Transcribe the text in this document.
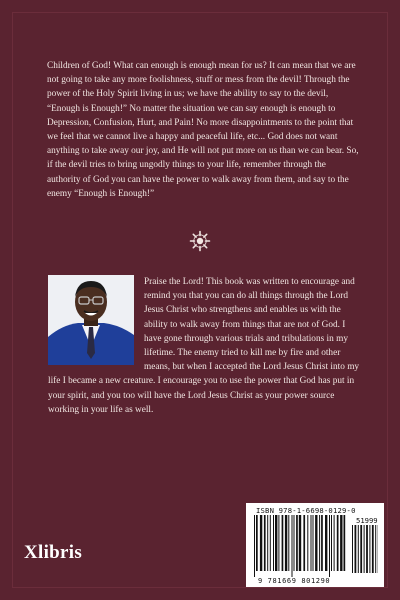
Children of God! What can enough is enough mean for us? It can mean that we are not going to take any more foolishness, stuff or mess from the devil! Through the power of the Holy Spirit living in us; we have the ability to say to the devil, “Enough is Enough!” No matter the situation we can say enough is enough to Depression, Confusion, Hurt, and Pain! No more disappointments to the point that we feel that we cannot live a happy and peaceful life, etc... God does not want anything to take away our joy, and He will not put more on us than we can bear. So, if the devil tries to bring ungodly things to your life, remember through the authority of God you can have the power to walk away from them, and say to the enemy “Enough is Enough!”

Praise the Lord! This book was written to encourage and remind you that you can do all things through the Lord Jesus Christ who strengthens and enables us with the ability to walk away from things that are not of God. I have gone through various trials and tribulations in my lifetime. The enemy tried to kill me by fire and other means, but when I accepted the Lord Jesus Christ into my life I became a new creature. I encourage you to use the power that God has put in your spirit, and you too will have the Lord Jesus Christ as your power source working in your life as well.

Xlibris
ISBN 978-1-6698-0129-0
51999
9 781669 801290
